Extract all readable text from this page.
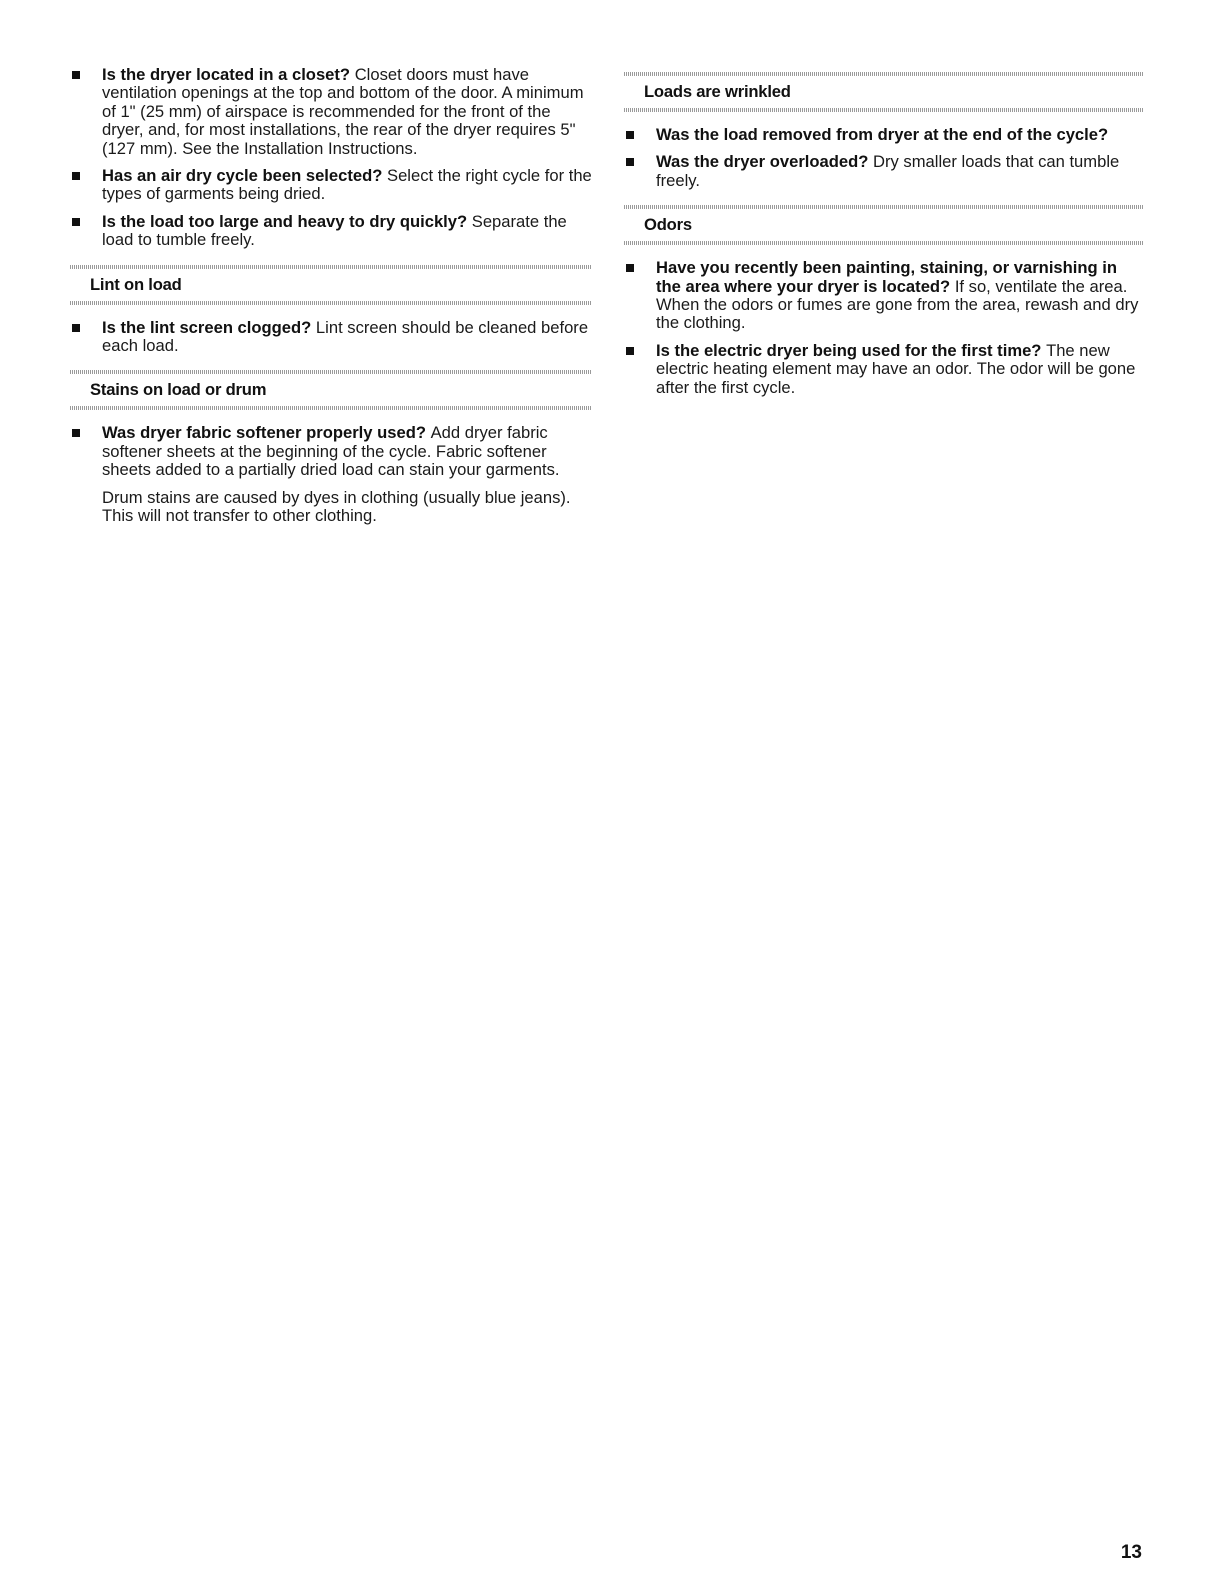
Is the dryer located in a closet? Closet doors must have ventilation openings at the top and bottom of the door. A minimum of 1" (25 mm) of airspace is recommended for the front of the dryer, and, for most installations, the rear of the dryer requires 5" (127 mm). See the Installation Instructions.
Has an air dry cycle been selected? Select the right cycle for the types of garments being dried.
Is the load too large and heavy to dry quickly? Separate the load to tumble freely.
Lint on load
Is the lint screen clogged? Lint screen should be cleaned before each load.
Stains on load or drum
Was dryer fabric softener properly used? Add dryer fabric softener sheets at the beginning of the cycle. Fabric softener sheets added to a partially dried load can stain your garments.
Drum stains are caused by dyes in clothing (usually blue jeans). This will not transfer to other clothing.
Loads are wrinkled
Was the load removed from dryer at the end of the cycle?
Was the dryer overloaded? Dry smaller loads that can tumble freely.
Odors
Have you recently been painting, staining, or varnishing in the area where your dryer is located? If so, ventilate the area. When the odors or fumes are gone from the area, rewash and dry the clothing.
Is the electric dryer being used for the first time? The new electric heating element may have an odor. The odor will be gone after the first cycle.
13
